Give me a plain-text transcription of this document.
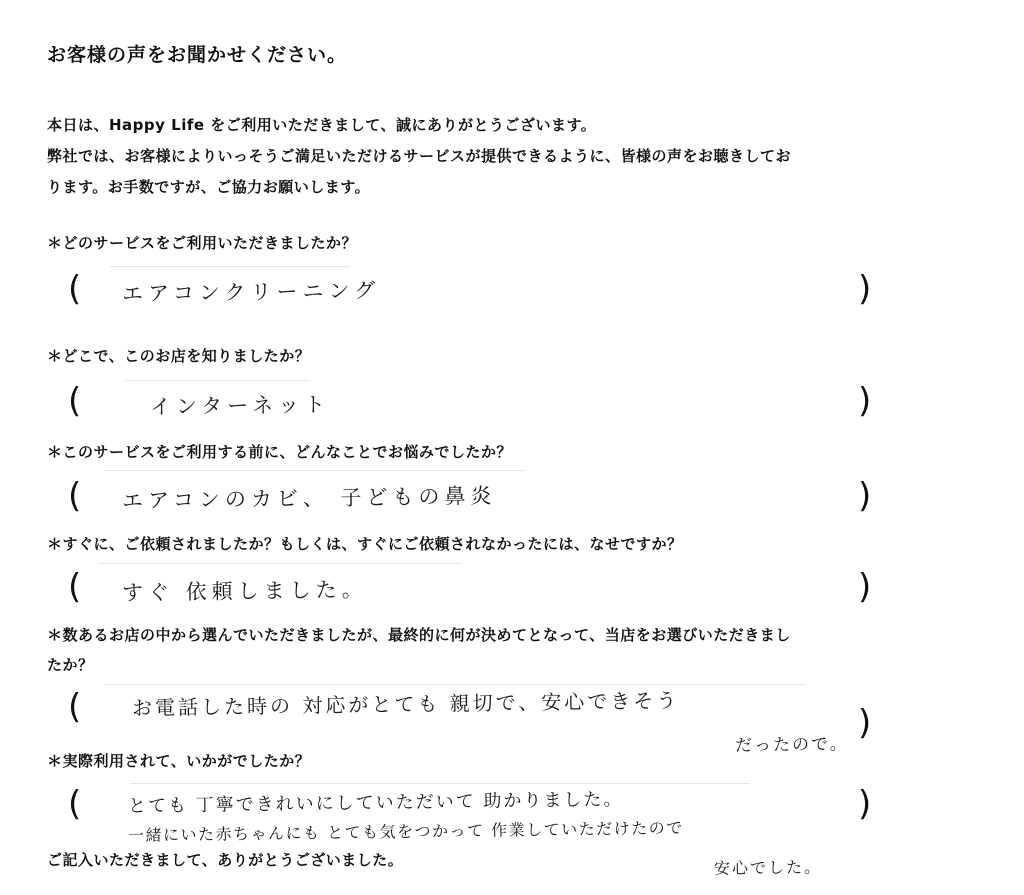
お客様の声をお聞かせください。
本日は、Happy Life をご利用いただきまして、誠にありがとうございます。
弊社では、お客様によりいっそうご満足いただけるサービスが提供できるように、皆様の声をお聴きしてお
ります。お手数ですが、ご協力お願いします。
＊どのサービスをご利用いただきましたか？
( エアコンクリーニング	)
＊どこで、このお店を知りましたか？
(	インターネット	)
＊このサービスをご利用する前に、どんなことでお悩みでしたか？
( エアコンのカビ、 子どもの鼻炎	)
＊すぐに、ご依頼されましたか？もしくは、すぐにご依頼されなかったには、なせですか？
( すぐ 依頼しました。	)
＊数あるお店の中から選んでいただきましたが、最終的に何が決めてとなって、当店をお選びいただきまし
たか？
(	お電話した時の 対応がとても 親切で、安心できそう
だったので。
)
＊実際利用されて、いかがでしたか？
(	とても 丁寧できれいにしていただいて 助かりました。
一緒にいた赤ちゃんにも とても気をつかって 作業していただけたので
安心でした。
)
ご記入いただきまして、ありがとうございました。
